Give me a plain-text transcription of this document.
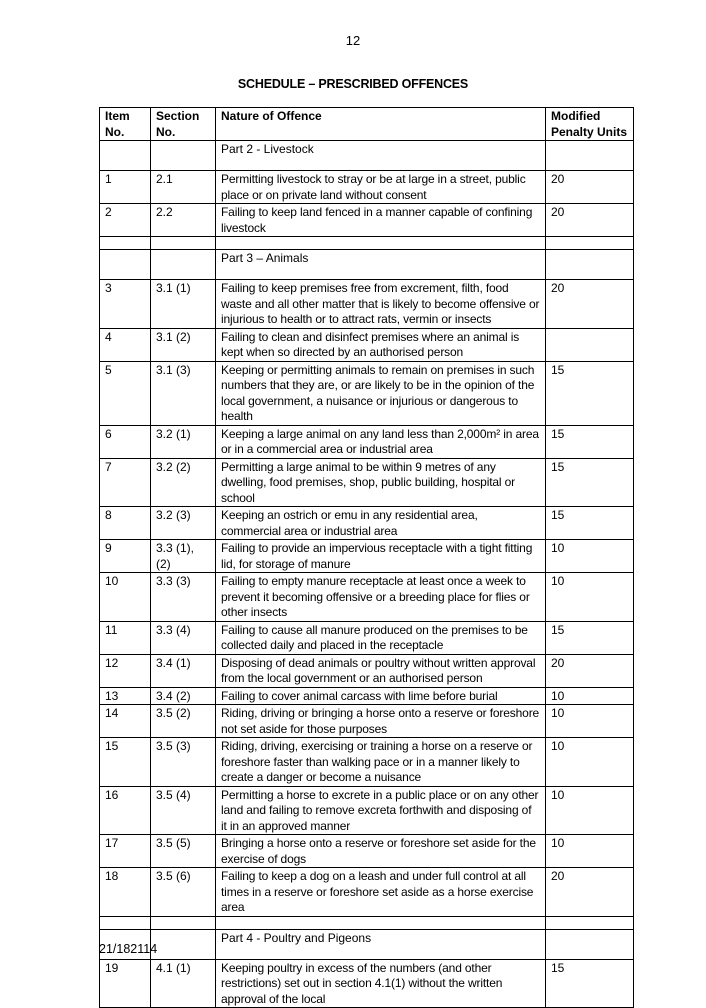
12
SCHEDULE – PRESCRIBED OFFENCES
Item No.	Section No.	Nature of Offence	Modified Penalty Units
		Part 2 - Livestock	
1	2.1	Permitting livestock to stray or be at large in a street, public place or on private land without consent	20
2	2.2	Failing to keep land fenced in a manner capable of confining livestock	20

		Part 3 – Animals	
3	3.1 (1)	Failing to keep premises free from excrement, filth, food waste and all other matter that is likely to become offensive or injurious to health or to attract rats, vermin or insects	20
4	3.1 (2)	Failing to clean and disinfect premises where an animal is kept when so directed by an authorised person	
5	3.1 (3)	Keeping or permitting animals to remain on premises in such numbers that they are, or are likely to be in the opinion of the local government, a nuisance or injurious or dangerous to health	15
6	3.2 (1)	Keeping a large animal on any land less than 2,000m² in area or in a commercial area or industrial area	15
7	3.2 (2)	Permitting a large animal to be within 9 metres of any dwelling, food premises, shop, public building, hospital or school	15
8	3.2 (3)	Keeping an ostrich or emu in any residential area, commercial area or industrial area	15
9	3.3 (1), (2)	Failing to provide an impervious receptacle with a tight fitting lid, for storage of manure	10
10	3.3 (3)	Failing to empty manure receptacle at least once a week to prevent it becoming offensive or a breeding place for flies or other insects	10
11	3.3 (4)	Failing to cause all manure produced on the premises to be collected daily and placed in the receptacle	15
12	3.4 (1)	Disposing of dead animals or poultry without written approval from the local government or an authorised person	20
13	3.4 (2)	Failing to cover animal carcass with lime before burial	10
14	3.5 (2)	Riding, driving or bringing a horse onto a reserve or foreshore not set aside for those purposes	10
15	3.5 (3)	Riding, driving, exercising or training a horse on a reserve or foreshore faster than walking pace or in a manner likely to create a danger or become a nuisance	10
16	3.5 (4)	Permitting a horse to excrete in a public place or on any other land and failing to remove excreta forthwith and disposing of it in an approved manner	10
17	3.5 (5)	Bringing a horse onto a reserve or foreshore set aside for the exercise of dogs	10
18	3.5 (6)	Failing to keep a dog on a leash and under full control at all times in a reserve or foreshore set aside as a horse exercise area	20

		Part 4 - Poultry and Pigeons	
19	4.1 (1)	Keeping poultry in excess of the numbers (and other restrictions) set out in section 4.1(1) without the written approval of the local	15
21/182114
